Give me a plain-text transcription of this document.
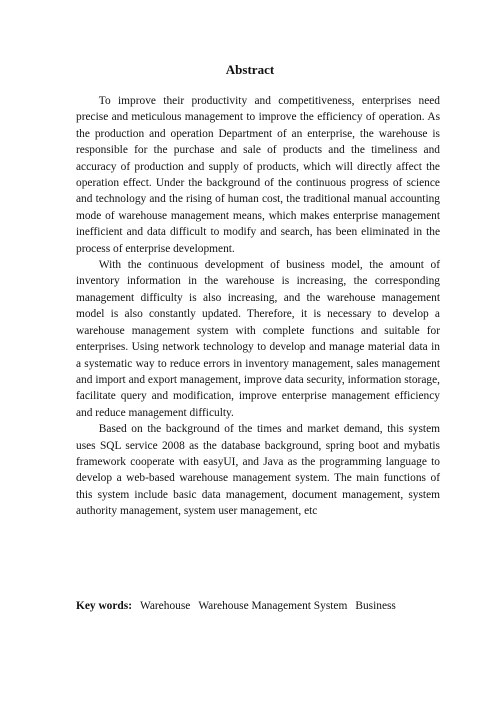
Abstract

To improve their productivity and competitiveness, enterprises need precise and meticulous management to improve the efficiency of operation. As the production and operation Department of an enterprise, the warehouse is responsible for the purchase and sale of products and the timeliness and accuracy of production and supply of products, which will directly affect the operation effect. Under the background of the continuous progress of science and technology and the rising of human cost, the traditional manual accounting mode of warehouse management means, which makes enterprise management inefficient and data difficult to modify and search, has been eliminated in the process of enterprise development.

With the continuous development of business model, the amount of inventory information in the warehouse is increasing, the corresponding management difficulty is also increasing, and the warehouse management model is also constantly updated. Therefore, it is necessary to develop a warehouse management system with complete functions and suitable for enterprises. Using network technology to develop and manage material data in a systematic way to reduce errors in inventory management, sales management and import and export management, improve data security, information storage, facilitate query and modification, improve enterprise management efficiency and reduce management difficulty.

Based on the background of the times and market demand, this system uses SQL service 2008 as the database background, spring boot and mybatis framework cooperate with easyUI, and Java as the programming language to develop a web-based warehouse management system. The main functions of this system include basic data management, document management, system authority management, system user management, etc

Key words: Warehouse Warehouse Management System Business
